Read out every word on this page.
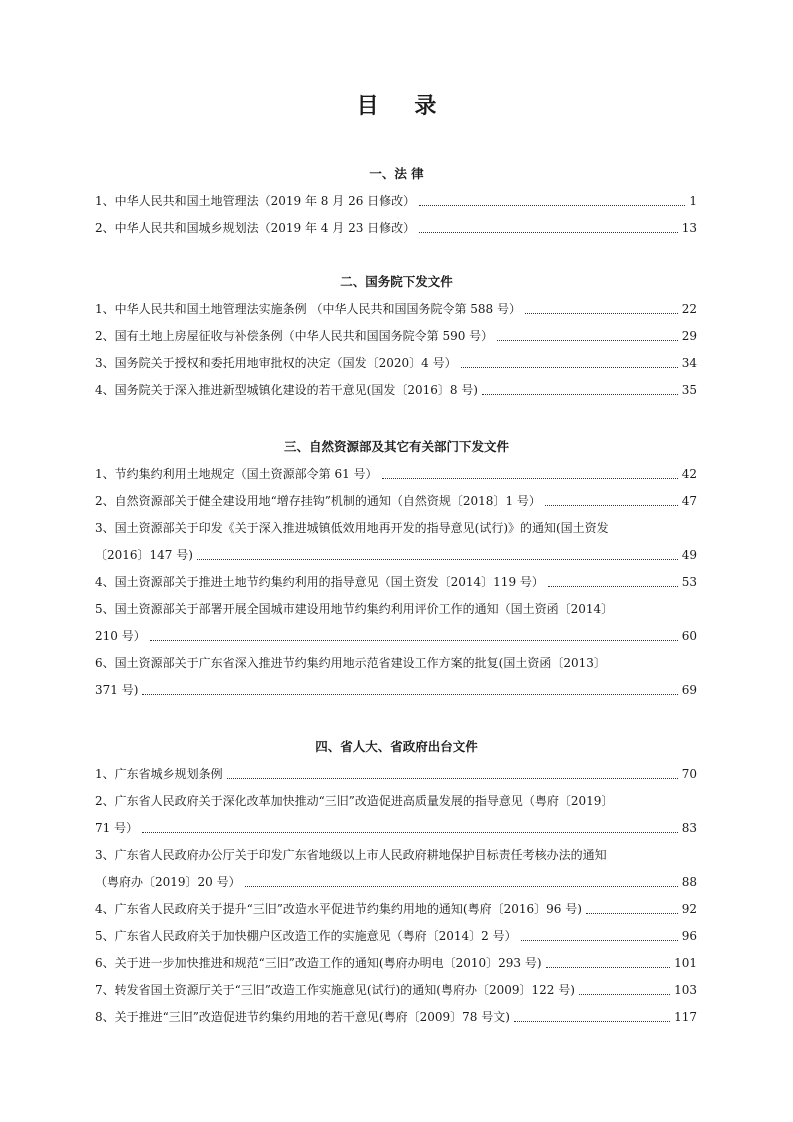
目 录
一、法 律
1、中华人民共和国土地管理法（2019 年 8 月 26 日修改）	1
2、中华人民共和国城乡规划法（2019 年 4 月 23 日修改）	13
二、国务院下发文件
1、中华人民共和国土地管理法实施条例 （中华人民共和国国务院令第 588 号）	22
2、国有土地上房屋征收与补偿条例（中华人民共和国国务院令第 590 号）	29
3、国务院关于授权和委托用地审批权的决定（国发〔2020〕4 号）	34
4、国务院关于深入推进新型城镇化建设的若干意见(国发〔2016〕8 号)	35
三、自然资源部及其它有关部门下发文件
1、节约集约利用土地规定（国土资源部令第 61 号）	42
2、自然资源部关于健全建设用地“增存挂钩”机制的通知（自然资规〔2018〕1 号）	47
3、国土资源部关于印发《关于深入推进城镇低效用地再开发的指导意见(试行)》的通知(国土资发
〔2016〕147 号)	49
4、国土资源部关于推进土地节约集约利用的指导意见（国土资发〔2014〕119 号）	53
5、国土资源部关于部署开展全国城市建设用地节约集约利用评价工作的通知（国土资函〔2014〕
210 号）	60
6、国土资源部关于广东省深入推进节约集约用地示范省建设工作方案的批复(国土资函〔2013〕
371 号)	69
四、省人大、省政府出台文件
1、广东省城乡规划条例	70
2、广东省人民政府关于深化改革加快推动“三旧”改造促进高质量发展的指导意见（粤府〔2019〕
71 号）	83
3、广东省人民政府办公厅关于印发广东省地级以上市人民政府耕地保护目标责任考核办法的通知
（粤府办〔2019〕20 号）	88
4、广东省人民政府关于提升“三旧”改造水平促进节约集约用地的通知(粤府〔2016〕96 号)	92
5、广东省人民政府关于加快棚户区改造工作的实施意见（粤府〔2014〕2 号）	96
6、关于进一步加快推进和规范“三旧”改造工作的通知(粤府办明电〔2010〕293 号)	101
7、转发省国土资源厅关于“三旧”改造工作实施意见(试行)的通知(粤府办〔2009〕122 号)	103
8、关于推进“三旧”改造促进节约集约用地的若干意见(粤府〔2009〕78 号文)	117
